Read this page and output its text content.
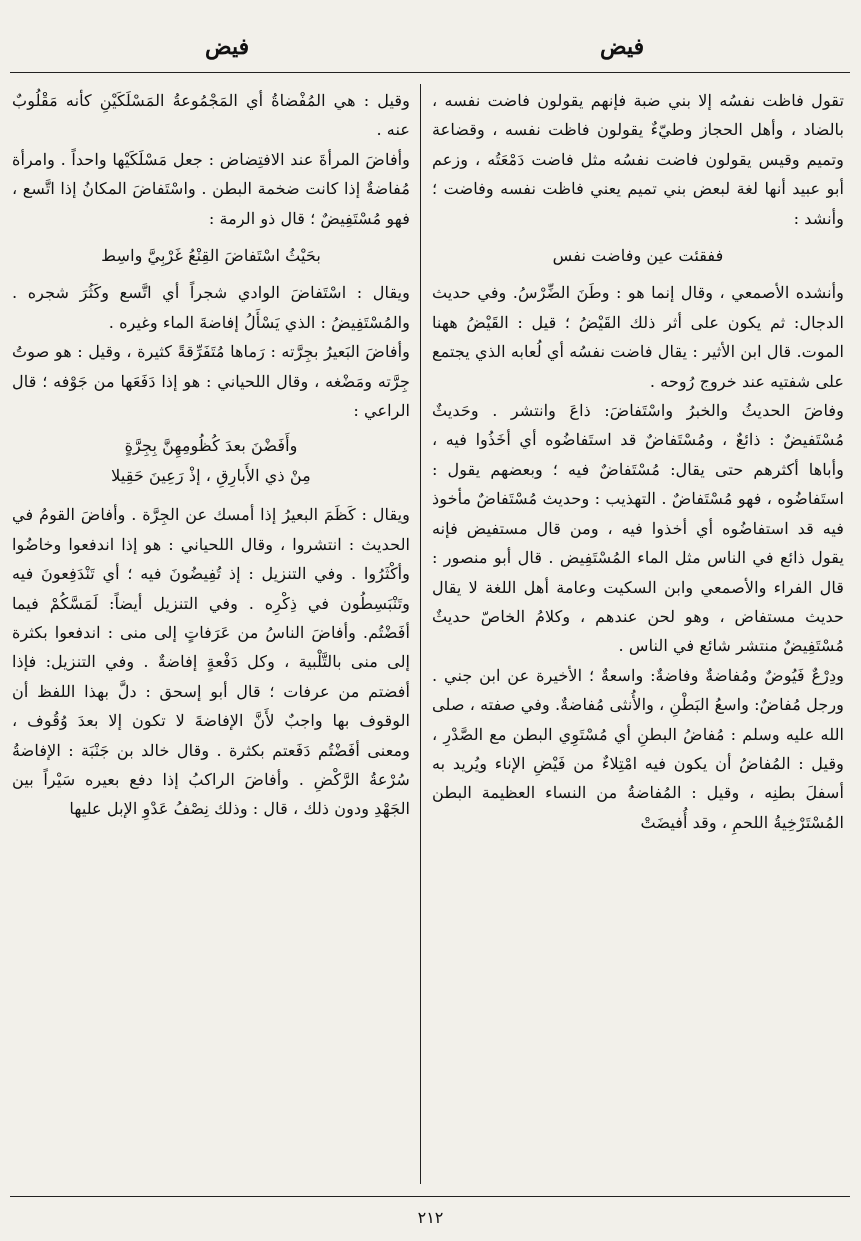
فيض
فيض

تقول فاظت نفسُه إلا بني ضبة فإنهم يقولون فاضت نفسه ، بالضاد ، وأهل الحجاز وطيّءٌ يقولون فاظت نفسه ، وقضاعة وتميم وقيس يقولون فاضت نفسُه مثل فاضت دَمْعَتُه ، وزعم أبو عبيد أنها لغة لبعض بني تميم يعني فاظت نفسه وفاضت ؛ وأنشد :

ففقئت عين وفاضت نفس

وأنشده الأصمعي ، وقال إنما هو : وطَنَ الضِّرْسُ. وفي حديث الدجال: ثم يكون على أثر ذلك القَيْضُ ؛ قيل : القَيْضُ ههنا الموت. قال ابن الأثير : يقال فاضت نفسُه أي لُعابه الذي يجتمع على شفتيه عند خروج رُوحه .

وفاضَ الحديثُ والخبرُ واسْتَفاضَ: ذاعَ وانتشر . وحَديثٌ مُسْتَفيضٌ : ذائعٌ ، ومُسْتَفاضٌ قد استَفاضُوه أي أخَذُوا فيه ، وأباها أكثرهم حتى يقال: مُسْتَفاضٌ فيه ؛ وبعضهم يقول : استَفاضُوه ، فهو مُسْتَفاضٌ . التهذيب : وحديث مُسْتَفاضٌ مأخوذ فيه قد استفاضُوه أي أخذوا فيه ، ومن قال مستفيض فإنه يقول ذائع في الناس مثل الماء المُسْتَفِيض . قال أبو منصور : قال الفراء والأصمعي وابن السكيت وعامة أهل اللغة لا يقال حديث مستفاض ، وهو لحن عندهم ، وكلامُ الخاصّ حديثٌ مُسْتَفِيضٌ منتشر شائع في الناس .

ودِرْعٌ فَيُوضٌ ومُفاضةٌ وفاضةٌ: واسعةٌ ؛ الأخيرة عن ابن جني . ورجل مُفاضٌ: واسعُ البَطْنِ ، والأُنثى مُفاضةٌ. وفي صفته ، صلى الله عليه وسلم : مُفاضُ البطنِ أي مُسْتَوِي البطن مع الصَّدْرِ ، وقيل : المُفاضُ أن يكون فيه امْتِلاءٌ من فَيْضِ الإناء ويُريد به أسفلَ بطنِه ، وقيل : المُفاضةُ من النساء العظيمة البطن المُسْتَرْخِيةُ اللحمِ ، وقد أُفيضَتْ

وقيل : هي المُفْضاةُ أي المَجْمُوعةُ المَسْلَكَيْنِ كأنه مَقْلُوبٌ عنه .

وأفاضَ المرأةَ عند الافتِضاض : جعل مَسْلَكَيْها واحداً . وامرأة مُفاضةٌ إذا كانت ضخمة البطن . واسْتَفاضَ المكانُ إذا اتَّسع ، فهو مُسْتَفِيضٌ ؛ قال ذو الرمة :

بحَيْثُ اسْتَفاضَ القِنْعُ غَرْبِيَّ واسِط

ويقال : اسْتَفاضَ الوادي شجراً أي اتَّسع وكَثُرَ شجره . والمُسْتَفِيضُ : الذي يَسْأَلُ إفاضةَ الماء وغيره .

وأفاضَ البَعيرُ بجِرَّته : رَماها مُتَفَرِّقةً كثيرة ، وقيل : هو صوتُ جِرَّته ومَضْغه ، وقال اللحياني : هو إذا دَفَعَها من جَوْفه ؛ قال الراعي :

وأَفَضْنَ بعدَ كُظُومِهِنَّ بِجِرَّةٍ

مِنْ ذي الأَبارِقِ ، إذْ رَعِينَ حَقِيلا

ويقال : كَظَمَ البعيرُ إذا أمسك عن الجِرَّة . وأفاضَ القومُ في الحديث : انتشروا ، وقال اللحياني : هو إذا اندفعوا وخاضُوا وأكْثَرُوا . وفي التنزيل : إذ تُفِيضُونَ فيه ؛ أي تَنْدَفِعونَ فيه وتَنْبَسِطُون في ذِكْرِه . وفي التنزيل أيضاً: لَمَسَّكُمْ فيما أفَضْتُم. وأفاضَ الناسُ من عَرَفاتٍ إلى منى : اندفعوا بكثرة إلى منى بالتَّلْبية ، وكل دَفْعةٍ إفاضةٌ . وفي التنزيل: فإذا أفضتم من عرفات ؛ قال أبو إسحق : دلَّ بهذا اللفظ أن الوقوف بها واجبٌ لأَنَّ الإفاضةَ لا تكون إلا بعدَ وُقُوف ، ومعنى أفَضْتُم دَفَعتم بكثرة . وقال خالد بن جَنْبَة : الإفاضةُ سُرْعةُ الرَّكْضِ . وأفاضَ الراكبُ إذا دفع بعيره سَيْراً بين الجَهْدِ ودون ذلك ، قال : وذلك نِصْفُ عَدْوِ الإبل عليها

٢١٢
